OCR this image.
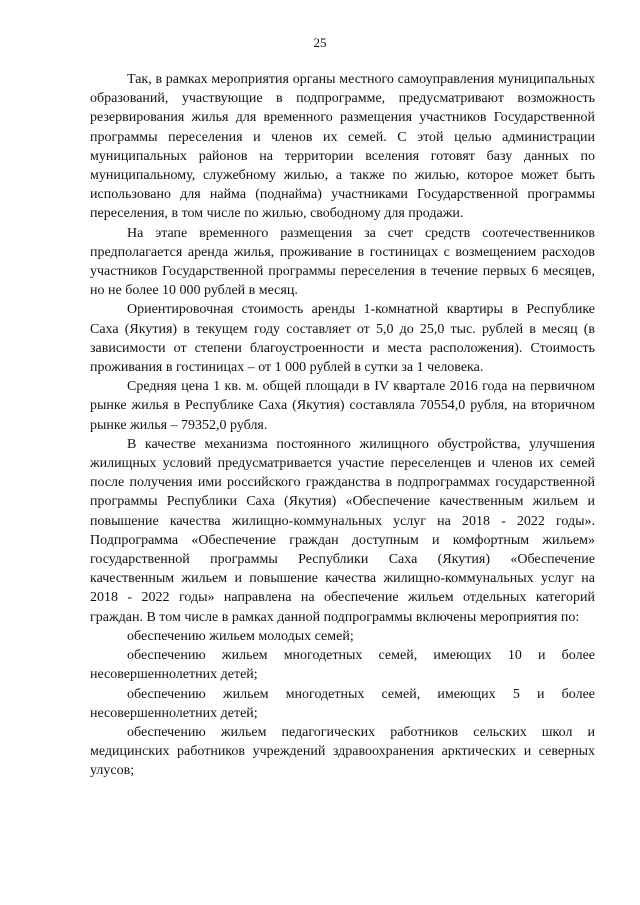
25

Так, в рамках мероприятия органы местного самоуправления муниципальных образований, участвующие в подпрограмме, предусматривают возможность резервирования жилья для временного размещения участников Государственной программы переселения и членов их семей. С этой целью администрации муниципальных районов на территории вселения готовят базу данных по муниципальному, служебному жилью, а также по жилью, которое может быть использовано для найма (поднайма) участниками Государственной программы переселения, в том числе по жилью, свободному для продажи.

На этапе временного размещения за счет средств соотечественников предполагается аренда жилья, проживание в гостиницах с возмещением расходов участников Государственной программы переселения в течение первых 6 месяцев, но не более 10 000 рублей в месяц.

Ориентировочная стоимость аренды 1-комнатной квартиры в Республике Саха (Якутия) в текущем году составляет от 5,0 до 25,0 тыс. рублей в месяц (в зависимости от степени благоустроенности и места расположения). Стоимость проживания в гостиницах – от 1 000 рублей в сутки за 1 человека.

Средняя цена 1 кв. м. общей площади в IV квартале 2016 года на первичном рынке жилья в Республике Саха (Якутия) составляла 70554,0 рубля, на вторичном рынке жилья – 79352,0 рубля.

В качестве механизма постоянного жилищного обустройства, улучшения жилищных условий предусматривается участие переселенцев и членов их семей после получения ими российского гражданства в подпрограммах государственной программы Республики Саха (Якутия) «Обеспечение качественным жильем и повышение качества жилищно-коммунальных услуг на 2018 - 2022 годы». Подпрограмма «Обеспечение граждан доступным и комфортным жильем» государственной программы Республики Саха (Якутия) «Обеспечение качественным жильем и повышение качества жилищно-коммунальных услуг на 2018 - 2022 годы» направлена на обеспечение жильем отдельных категорий граждан. В том числе в рамках данной подпрограммы включены мероприятия по:

обеспечению жильем молодых семей;

обеспечению жильем многодетных семей, имеющих 10 и более несовершеннолетних детей;

обеспечению жильем многодетных семей, имеющих 5 и более несовершеннолетних детей;

обеспечению жильем педагогических работников сельских школ и медицинских работников учреждений здравоохранения арктических и северных улусов;
